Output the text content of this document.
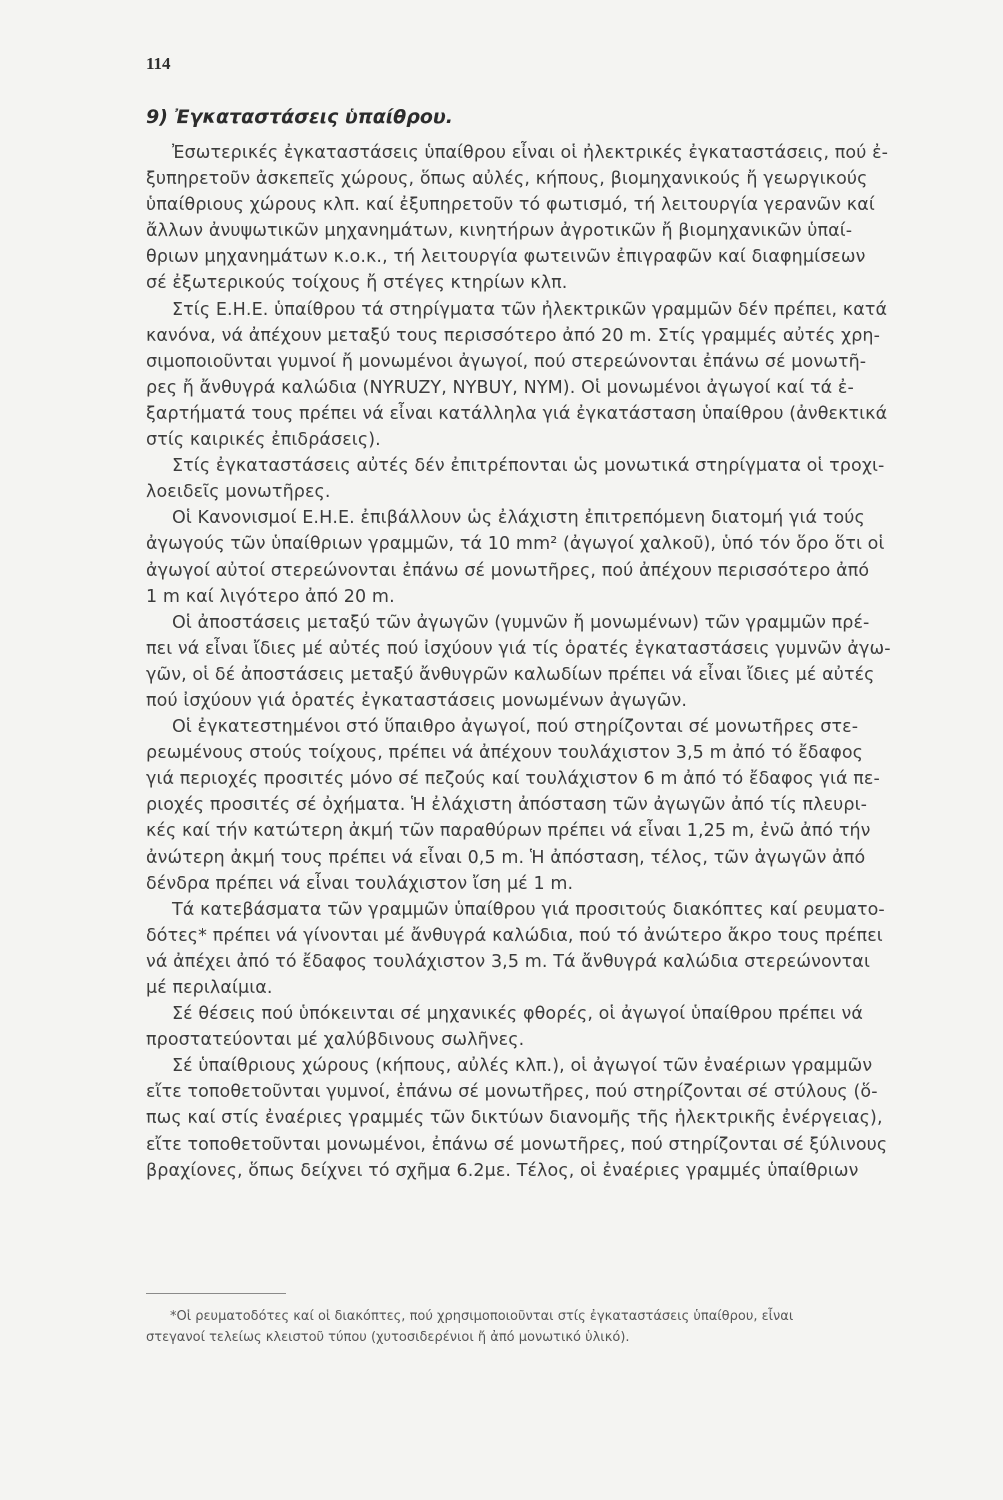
114
9) Ἐγκαταστάσεις ὑπαίθρου.
Ἐσωτερικές ἐγκαταστάσεις ὑπαίθρου εἶναι οἱ ἠλεκτρικές ἐγκαταστάσεις, πού ἐ-
ξυπηρετοῦν ἀσκεπεῖς χώρους, ὅπως αὐλές, κήπους, βιομηχανικούς ἤ γεωργικούς
ὑπαίθριους χώρους κλπ. καί ἐξυπηρετοῦν τό φωτισμό, τή λειτουργία γερανῶν καί
ἄλλων ἀνυψωτικῶν μηχανημάτων, κινητήρων ἀγροτικῶν ἤ βιομηχανικῶν ὑπαί-
θριων μηχανημάτων κ.ο.κ., τή λειτουργία φωτεινῶν ἐπιγραφῶν καί διαφημίσεων
σέ ἐξωτερικούς τοίχους ἤ στέγες κτηρίων κλπ.
Στίς Ε.Η.Ε. ὑπαίθρου τά στηρίγματα τῶν ἠλεκτρικῶν γραμμῶν δέν πρέπει, κατά
κανόνα, νά ἀπέχουν μεταξύ τους περισσότερο ἀπό 20 m. Στίς γραμμές αὐτές χρη-
σιμοποιοῦνται γυμνοί ἤ μονωμένοι ἀγωγοί, πού στερεώνονται ἐπάνω σέ μονωτῆ-
ρες ἤ ἄνθυγρά καλώδια (NYRUZY, NYBUY, NYM). Οἱ μονωμένοι ἀγωγοί καί τά ἐ-
ξαρτήματά τους πρέπει νά εἶναι κατάλληλα γιά ἐγκατάσταση ὑπαίθρου (ἀνθεκτικά
στίς καιρικές ἐπιδράσεις).
Στίς ἐγκαταστάσεις αὐτές δέν ἐπιτρέπονται ὡς μονωτικά στηρίγματα οἱ τροχι-
λοειδεῖς μονωτῆρες.
Οἱ Κανονισμοί Ε.Η.Ε. ἐπιβάλλουν ὡς ἐλάχιστη ἐπιτρεπόμενη διατομή γιά τούς
ἀγωγούς τῶν ὑπαίθριων γραμμῶν, τά 10 mm² (ἀγωγοί χαλκοῦ), ὑπό τόν ὅρο ὅτι οἱ
ἀγωγοί αὐτοί στερεώνονται ἐπάνω σέ μονωτῆρες, πού ἀπέχουν περισσότερο ἀπό
1 m καί λιγότερο ἀπό 20 m.
Οἱ ἀποστάσεις μεταξύ τῶν ἀγωγῶν (γυμνῶν ἤ μονωμένων) τῶν γραμμῶν πρέ-
πει νά εἶναι ἴδιες μέ αὐτές πού ἰσχύουν γιά τίς ὁρατές ἐγκαταστάσεις γυμνῶν ἀγω-
γῶν, οἱ δέ ἀποστάσεις μεταξύ ἄνθυγρῶν καλωδίων πρέπει νά εἶναι ἴδιες μέ αὐτές
πού ἰσχύουν γιά ὁρατές ἐγκαταστάσεις μονωμένων ἀγωγῶν.
Οἱ ἐγκατεστημένοι στό ὕπαιθρο ἀγωγοί, πού στηρίζονται σέ μονωτῆρες στε-
ρεωμένους στούς τοίχους, πρέπει νά ἀπέχουν τουλάχιστον 3,5 m ἀπό τό ἔδαφος
γιά περιοχές προσιτές μόνο σέ πεζούς καί τουλάχιστον 6 m ἀπό τό ἔδαφος γιά πε-
ριοχές προσιτές σέ ὀχήματα. Ἡ ἐλάχιστη ἀπόσταση τῶν ἀγωγῶν ἀπό τίς πλευρι-
κές καί τήν κατώτερη ἀκμή τῶν παραθύρων πρέπει νά εἶναι 1,25 m, ἐνῶ ἀπό τήν
ἀνώτερη ἀκμή τους πρέπει νά εἶναι 0,5 m. Ἡ ἀπόσταση, τέλος, τῶν ἀγωγῶν ἀπό
δένδρα πρέπει νά εἶναι τουλάχιστον ἴση μέ 1 m.
Τά κατεβάσματα τῶν γραμμῶν ὑπαίθρου γιά προσιτούς διακόπτες καί ρευματο-
δότες* πρέπει νά γίνονται μέ ἄνθυγρά καλώδια, πού τό ἀνώτερο ἄκρο τους πρέπει
νά ἀπέχει ἀπό τό ἔδαφος τουλάχιστον 3,5 m. Τά ἄνθυγρά καλώδια στερεώνονται
μέ περιλαίμια.
Σέ θέσεις πού ὑπόκεινται σέ μηχανικές φθορές, οἱ ἀγωγοί ὑπαίθρου πρέπει νά
προστατεύονται μέ χαλύβδινους σωλῆνες.
Σέ ὑπαίθριους χώρους (κήπους, αὐλές κλπ.), οἱ ἀγωγοί τῶν ἐναέριων γραμμῶν
εἴτε τοποθετοῦνται γυμνοί, ἐπάνω σέ μονωτῆρες, πού στηρίζονται σέ στύλους (ὅ-
πως καί στίς ἐναέριες γραμμές τῶν δικτύων διανομῆς τῆς ἠλεκτρικῆς ἐνέργειας),
εἴτε τοποθετοῦνται μονωμένοι, ἐπάνω σέ μονωτῆρες, πού στηρίζονται σέ ξύλινους
βραχίονες, ὅπως δείχνει τό σχῆμα 6.2με. Τέλος, οἱ ἐναέριες γραμμές ὑπαίθριων
*Οἱ ρευματοδότες καί οἱ διακόπτες, πού χρησιμοποιοῦνται στίς ἐγκαταστάσεις ὑπαίθρου, εἶναι
στεγανοί τελείως κλειστοῦ τύπου (χυτοσιδερένιοι ἤ ἀπό μονωτικό ὑλικό).
